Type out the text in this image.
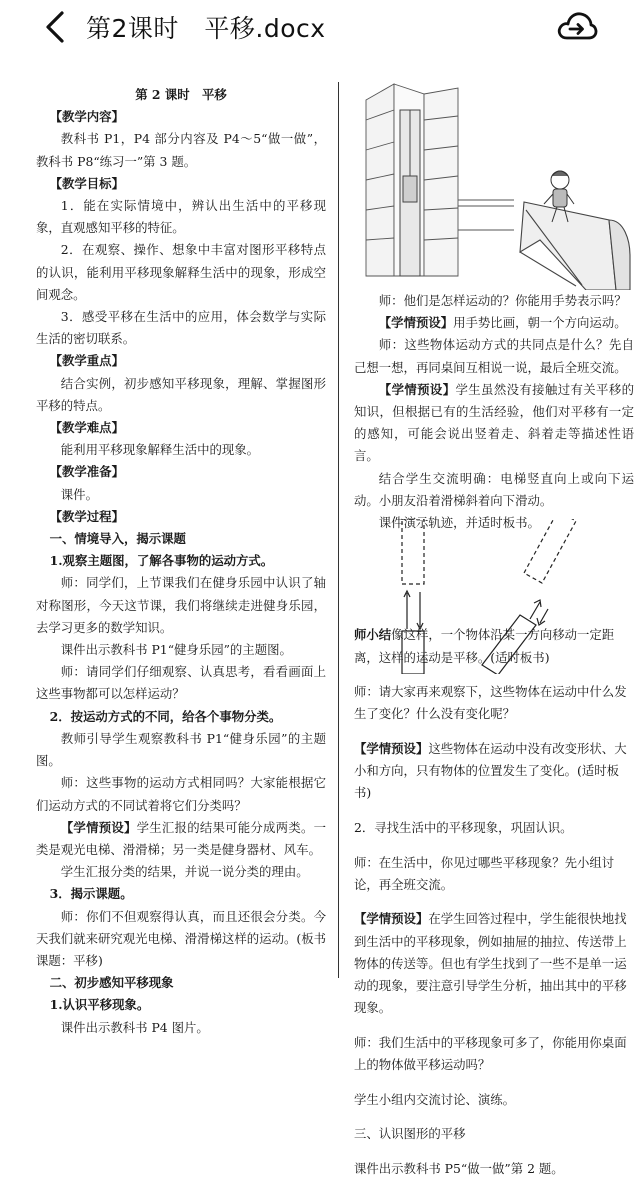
第2课时　平移.docx

第 2 课时　平移

【教学内容】

教科书 P1，P4 部分内容及 P4～5“做一做”，教科书 P8“练习一”第 3 题。

【教学目标】

1．能在实际情境中，辨认出生活中的平移现象，直观感知平移的特征。

2．在观察、操作、想象中丰富对图形平移特点的认识，能利用平移现象解释生活中的现象，形成空间观念。

3．感受平移在生活中的应用，体会数学与实际生活的密切联系。

【教学重点】

结合实例，初步感知平移现象，理解、掌握图形平移的特点。

【教学难点】

能利用平移现象解释生活中的现象。

【教学准备】

课件。

【教学过程】

一、情境导入，揭示课题

1.观察主题图，了解各事物的运动方式。

师：同学们，上节课我们在健身乐园中认识了轴对称图形，今天这节课，我们将继续走进健身乐园，去学习更多的数学知识。

课件出示教科书 P1“健身乐园”的主题图。

师：请同学们仔细观察、认真思考，看看画面上这些事物都可以怎样运动？

2．按运动方式的不同，给各个事物分类。

教师引导学生观察教科书 P1“健身乐园”的主题图。

师：这些事物的运动方式相同吗？大家能根据它们运动方式的不同试着将它们分类吗？

【学情预设】学生汇报的结果可能分成两类。一类是观光电梯、滑滑梯；另一类是健身器材、风车。

学生汇报分类的结果，并说一说分类的理由。

3．揭示课题。

师：你们不但观察得认真，而且还很会分类。今天我们就来研究观光电梯、滑滑梯这样的运动。(板书课题：平移)

二、初步感知平移现象

1.认识平移现象。

课件出示教科书 P4 图片。

师：他们是怎样运动的？你能用手势表示吗？

【学情预设】用手势比画，朝一个方向运动。

师：这些物体运动方式的共同点是什么？先自己想一想，再同桌间互相说一说，最后全班交流。

【学情预设】学生虽然没有接触过有关平移的知识，但根据已有的生活经验，他们对平移有一定的感知，可能会说出竖着走、斜着走等描述性语言。

结合学生交流明确：电梯竖直向上或向下运动。小朋友沿着滑梯斜着向下滑动。

课件演示轨迹，并适时板书。

师小结像这样，一个物体沿某一方向移动一定距离，这样的运动是平移。(适时板书)

师：请大家再来观察下，这些物体在运动中什么发生了变化？什么没有变化呢？

【学情预设】这些物体在运动中没有改变形状、大小和方向，只有物体的位置发生了变化。(适时板书)

2．寻找生活中的平移现象，巩固认识。

师：在生活中，你见过哪些平移现象？先小组讨论，再全班交流。

【学情预设】在学生回答过程中，学生能很快地找到生活中的平移现象，例如抽屉的抽拉、传送带上物体的传送等。但也有学生找到了一些不是单一运动的现象，要注意引导学生分析，抽出其中的平移现象。

师：我们生活中的平移现象可多了，你能用你桌面上的物体做平移运动吗？

学生小组内交流讨论、演练。

三、认识图形的平移

课件出示教科书 P5“做一做”第 2 题。
